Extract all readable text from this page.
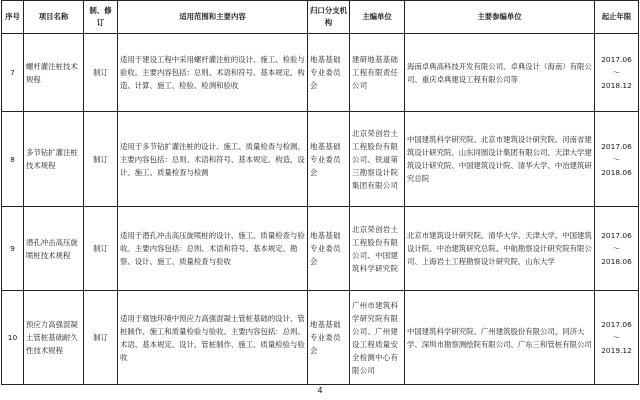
序号	项目名称	制、修订	适用范围和主要内容	归口分支机构	主编单位	主要参编单位	起止年限
7	螺杆灌注桩技术规程	制订	适用于建设工程中采用螺杆灌注桩的设计、施工、检验与验收。主要内容包括：总则、术语和符号、基本规定、构造、计算、施工、检验、检测和验收	地基基础专业委员会	建研地基基础工程有限责任公司	海南卓典高科技开发有限公司、卓典设计（海南）有限公司、重庆卓典建设工程有限公司等	2017.06
～
2018.12

8	多节钻扩灌注桩技术规程	制订	适用于多节钻扩灌注桩的设计、施工、质量检查与检测。主要内容包括：总则、术语和符号、基本规定、构造、设计、施工、质量检查与检测	地基基础专业委员会	北京荣创岩土工程股份有限公司、铁道第三勘察设计院集团有限公司	中国建筑科学研究院、北京市建筑设计研究院、河南省建筑设计研究院、山东同圆设计集团有限公司、天津大学建筑设计研究院、中国建筑设计院、清华大学、中冶建筑研究总院	2017.06
～
2018.06

9	潜孔冲击高压旋喷桩技术规程	制订	适用于潜孔冲击高压旋喷桩的设计、施工、质量检查与验收。主要内容包括：总则、术语和符号、基本规定、勘察、设计、施工、质量检查与验收	地基基础专业委员会	北京荣创岩土工程股份有限公司、中国建筑科学研究院	北京市建筑设计研究院、清华大学、天津大学、中国建筑设计院、中冶建筑研究总院、中航勘察设计研究院有限公司、上海岩土工程勘察设计研究院、山东大学	2017.06
～
2018.06

10	预应力高强混凝土管桩基础耐久性技术规程	制订	适用于腐蚀环境中预应力高强混凝土管桩基础的设计、管桩制作、施工和质量检验与验收。主要内容包括：总则、术语、基本规定、设计、管桩制作、施工、质量检验与验收	地基基础专业委员会	广州市建筑科学研究院有限公司、广州建设工程质量安全检测中心有限公司	中国建筑科学研究院、广州建筑股份有限公司、同济大学、深圳市勘察测绘院有限公司、广东三和管桩有限公司	2017.06
～
2019.12
4
